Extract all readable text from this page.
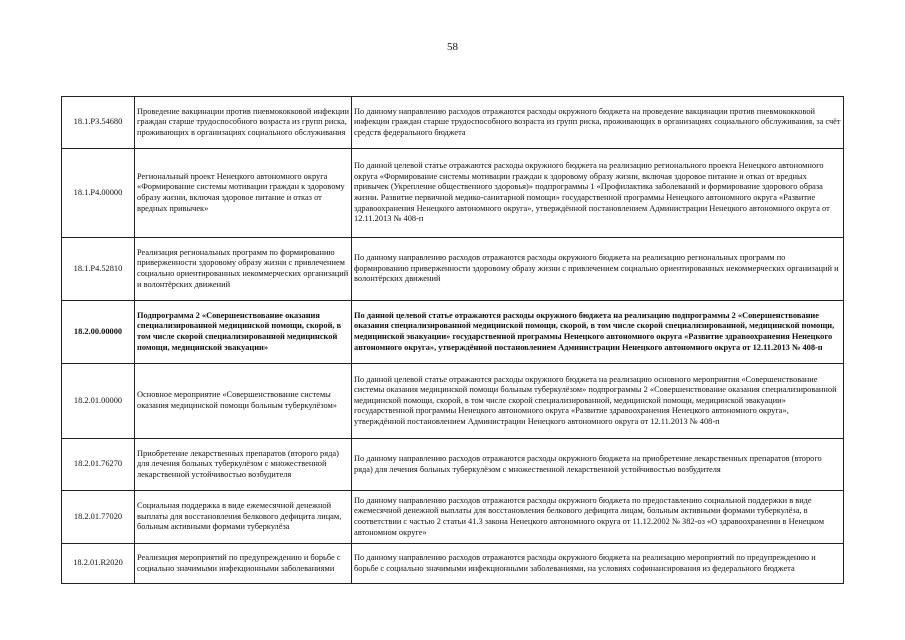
58
18.1.P3.54680	Проведение вакцинации против пневмококковой инфекции граждан старше трудоспособного возраста из групп риска, проживающих в организациях социального обслуживания	По данному направлению расходов отражаются расходы окружного бюджета на проведение вакцинации против пневмококковой инфекции граждан старше трудоспособного возраста из групп риска, проживающих в организациях социального обслуживания, за счёт средств федерального бюджета
18.1.P4.00000	Региональный проект Ненецкого автономного округа «Формирование системы мотивации граждан к здоровому образу жизни, включая здоровое питание и отказ от вредных привычек»	По данной целевой статье отражаются расходы окружного бюджета на реализацию регионального проекта Ненецкого автономного округа «Формирование системы мотивации граждан к здоровому образу жизни, включая здоровое питание и отказ от вредных привычек (Укрепление общественного здоровья)» подпрограммы 1 «Профилактика заболеваний и формирование здорового образа жизни. Развитие первичной медико-санитарной помощи» государственной программы Ненецкого автономного округа «Развитие здравоохранения Ненецкого автономного округа», утверждённой постановлением Администрации Ненецкого автономного округа от 12.11.2013 № 408-п
18.1.P4.52810	Реализация региональных программ по формированию приверженности здоровому образу жизни с привлечением социально ориентированных некоммерческих организаций и волонтёрских движений	По данному направлению расходов отражаются расходы окружного бюджета на реализацию региональных программ по формированию приверженности здоровому образу жизни с привлечением социально ориентированных некоммерческих организаций и волонтёрских движений
18.2.00.00000	Подпрограмма 2 «Совершенствование оказания специализированной медицинской помощи, скорой, в том числе скорой специализированной медицинской помощи, медицинской эвакуации»	По данной целевой статье отражаются расходы окружного бюджета на реализацию подпрограммы 2 «Совершенствование оказания специализированной медицинской помощи, скорой, в том числе скорой специализированной, медицинской помощи, медицинской эвакуации» государственной программы Ненецкого автономного округа «Развитие здравоохранения Ненецкого автономного округа», утверждённой постановлением Администрации Ненецкого автономного округа от 12.11.2013 № 408-п
18.2.01.00000	Основное мероприятие «Совершенствование системы оказания медицинской помощи больным туберкулёзом»	По данной целевой статье отражаются расходы окружного бюджета на реализацию основного мероприятия «Совершенствование системы оказания медицинской помощи больным туберкулёзом» подпрограммы 2 «Совершенствование оказания специализированной медицинской помощи, скорой, в том числе скорой специализированной, медицинской помощи, медицинской эвакуации» государственной программы Ненецкого автономного округа «Развитие здравоохранения Ненецкого автономного округа», утверждённой постановлением Администрации Ненецкого автономного округа от 12.11.2013 № 408-п
18.2.01.76270	Приобретение лекарственных препаратов (второго ряда) для лечения больных туберкулёзом с множественной лекарственной устойчивостью возбудителя	По данному направлению расходов отражаются расходы окружного бюджета на приобретение лекарственных препаратов (второго ряда) для лечения больных туберкулёзом с множественной лекарственной устойчивостью возбудителя
18.2.01.77020	Социальная поддержка в виде ежемесячной денежной выплаты для восстановления белкового дефицита лицам, больным активными формами туберкулёза	По данному направлению расходов отражаются расходы окружного бюджета по предоставлению социальной поддержки в виде ежемесячной денежной выплаты для восстановления белкового дефицита лицам, больным активными формами туберкулёза, в соответствии с частью 2 статьи 41.3 закона Ненецкого автономного округа от 11.12.2002 № 382-оз «О здравоохранении в Ненецком автономном округе»
18.2.01.R2020	Реализация мероприятий по предупреждению и борьбе с социально значимыми инфекционными заболеваниями	По данному направлению расходов отражаются расходы окружного бюджета на реализацию мероприятий по предупреждению и борьбе с социально значимыми инфекционными заболеваниями, на условиях софинансирования из федерального бюджета
